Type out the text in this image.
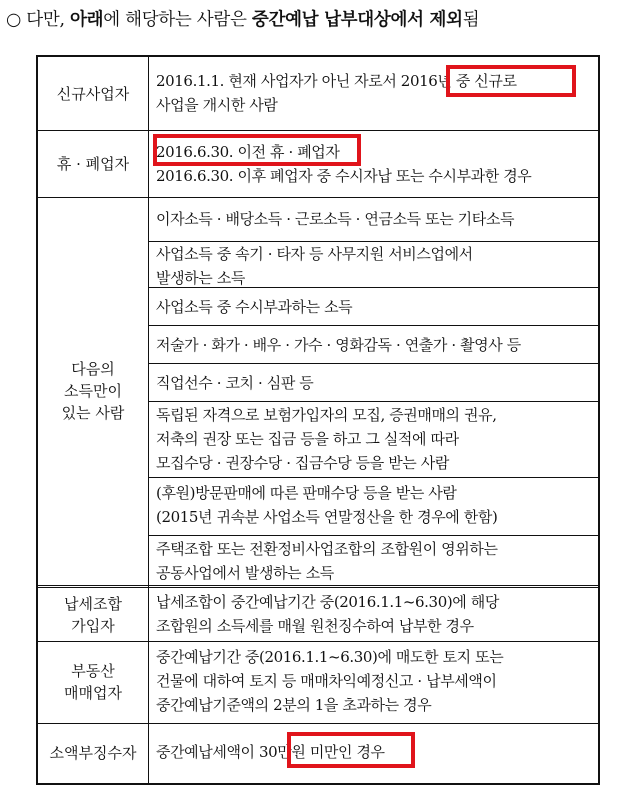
○ 다만, 아래에 해당하는 사람은 중간예납 납부대상에서 제외됨
신규사업자
2016.1.1. 현재 사업자가 아닌 자로서 2016년 중 신규로
사업을 개시한 사람
휴 · 폐업자
2016.6.30. 이전 휴 · 폐업자
2016.6.30. 이후 폐업자 중 수시자납 또는 수시부과한 경우
다음의
소득만이
있는 사람
이자소득 · 배당소득 · 근로소득 · 연금소득 또는 기타소득
사업소득 중 속기 · 타자 등 사무지원 서비스업에서
발생하는 소득
사업소득 중 수시부과하는 소득
저술가 · 화가 · 배우 · 가수 · 영화감독 · 연출가 · 촬영사 등
직업선수 · 코치 · 심판 등
독립된 자격으로 보험가입자의 모집, 증권매매의 권유,
저축의 권장 또는 집금 등을 하고 그 실적에 따라
모집수당 · 권장수당 · 집금수당 등을 받는 사람
(후원)방문판매에 따른 판매수당 등을 받는 사람
(2015년 귀속분 사업소득 연말정산을 한 경우에 한함)
주택조합 또는 전환정비사업조합의 조합원이 영위하는
공동사업에서 발생하는 소득
납세조합
가입자
납세조합이 중간예납기간 중(2016.1.1~6.30)에 해당
조합원의 소득세를 매월 원천징수하여 납부한 경우
부동산
매매업자
중간예납기간 중(2016.1.1~6.30)에 매도한 토지 또는
건물에 대하여 토지 등 매매차익예정신고 · 납부세액이
중간예납기준액의 2분의 1을 초과하는 경우
소액부징수자	중간예납세액이 30만원 미만인 경우
